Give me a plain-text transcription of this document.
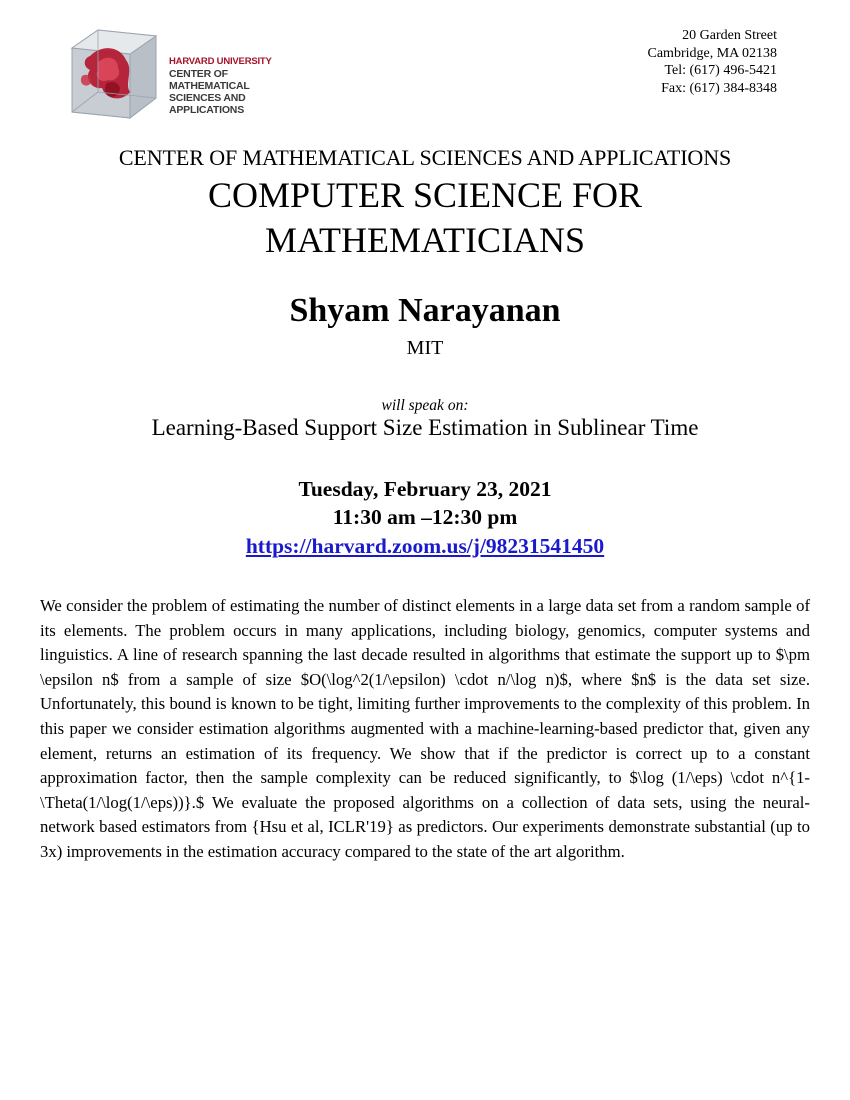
HARVARD UNIVERSITY
CENTER OF MATHEMATICAL
SCIENCES AND APPLICATIONS
20 Garden Street
Cambridge, MA 02138
Tel: (617) 496-5421
Fax: (617) 384-8348
CENTER OF MATHEMATICAL SCIENCES AND APPLICATIONS
COMPUTER SCIENCE FOR
MATHEMATICIANS
Shyam Narayanan
MIT
will speak on:
Learning-Based Support Size Estimation in Sublinear Time
Tuesday, February 23, 2021
11:30 am –12:30 pm
https://harvard.zoom.us/j/98231541450
We consider the problem of estimating the number of distinct elements in a large data set from a random sample of its elements. The problem occurs in many applications, including biology, genomics, computer systems and linguistics. A line of research spanning the last decade resulted in algorithms that estimate the support up to $\pm \epsilon n$ from a sample of size $O(\log^2(1/\epsilon) \cdot n/\log n)$, where $n$ is the data set size. Unfortunately, this bound is known to be tight, limiting further improvements to the complexity of this problem. In this paper we consider estimation algorithms augmented with a machine-learning-based predictor that, given any element, returns an estimation of its frequency. We show that if the predictor is correct up to a constant approximation factor, then the sample complexity can be reduced significantly, to $\log (1/\eps) \cdot n^{1-\Theta(1/\log(1/\eps))}.$ We evaluate the proposed algorithms on a collection of data sets, using the neural-network based estimators from {Hsu et al, ICLR'19} as predictors. Our experiments demonstrate substantial (up to 3x) improvements in the estimation accuracy compared to the state of the art algorithm.
